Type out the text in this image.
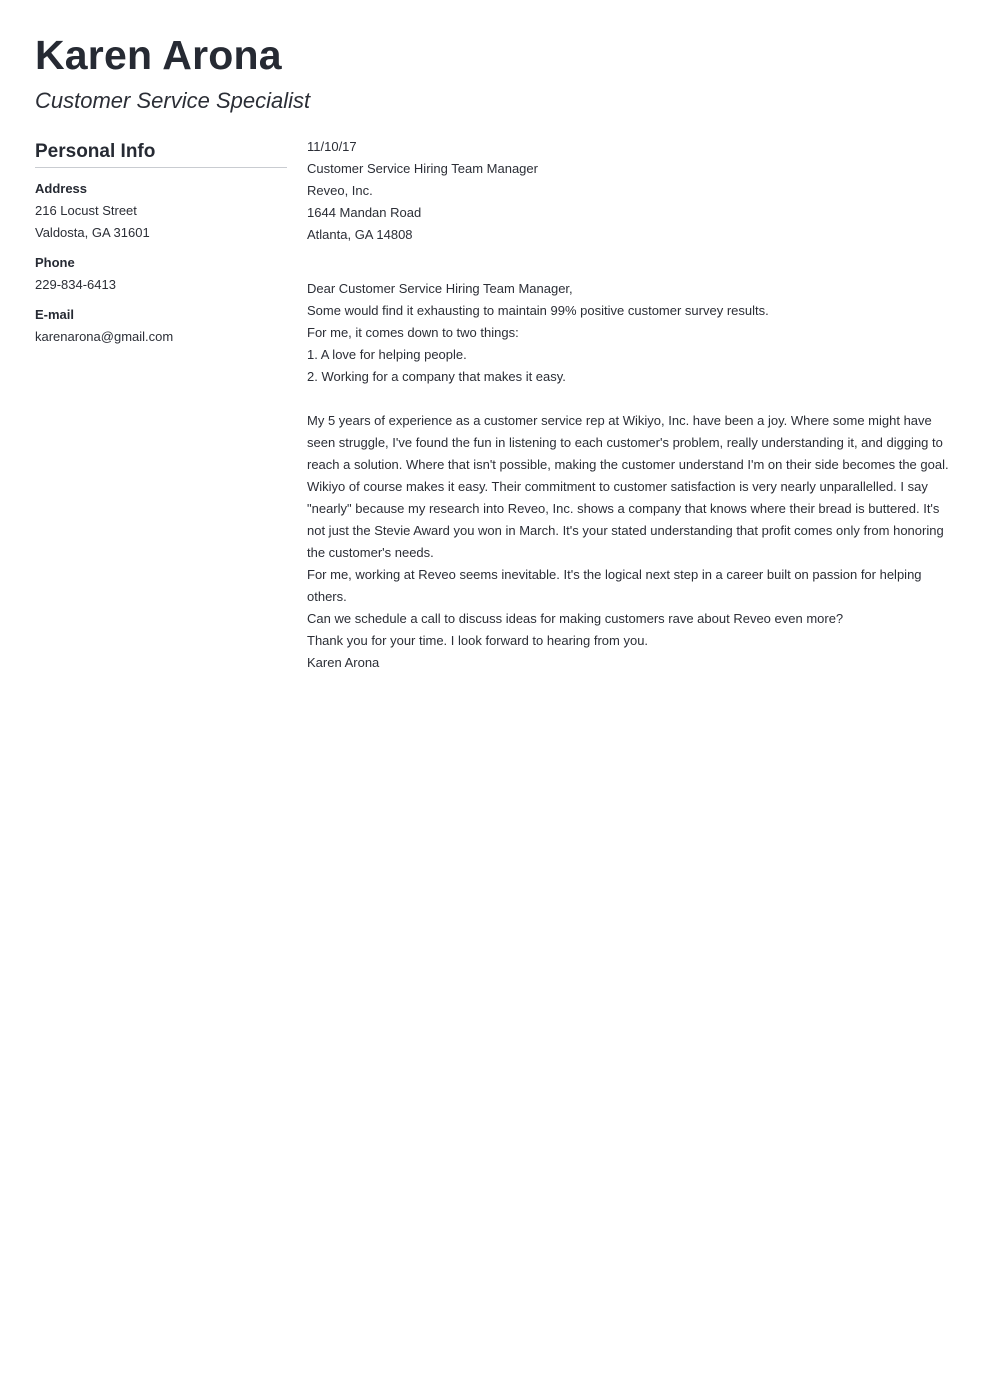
Karen Arona
Customer Service Specialist
Personal Info
Address
216 Locust Street
Valdosta, GA 31601
Phone
229-834-6413
E-mail
karenarona@gmail.com

11/10/17

Customer Service Hiring Team Manager

Reveo, Inc.

1644 Mandan Road

Atlanta, GA 14808

Dear Customer Service Hiring Team Manager,

Some would find it exhausting to maintain 99% positive customer survey results.

For me, it comes down to two things:

1. A love for helping people.

2. Working for a company that makes it easy.

My 5 years of experience as a customer service rep at Wikiyo, Inc. have been a joy. Where some might have seen struggle, I've found the fun in listening to each customer's problem, really understanding it, and digging to reach a solution. Where that isn't possible, making the customer understand I'm on their side becomes the goal.

Wikiyo of course makes it easy. Their commitment to customer satisfaction is very nearly unparallelled. I say "nearly" because my research into Reveo, Inc. shows a company that knows where their bread is buttered. It's not just the Stevie Award you won in March. It's your stated understanding that profit comes only from honoring the customer's needs.

For me, working at Reveo seems inevitable. It's the logical next step in a career built on passion for helping others.

Can we schedule a call to discuss ideas for making customers rave about Reveo even more?

Thank you for your time. I look forward to hearing from you.

Karen Arona
